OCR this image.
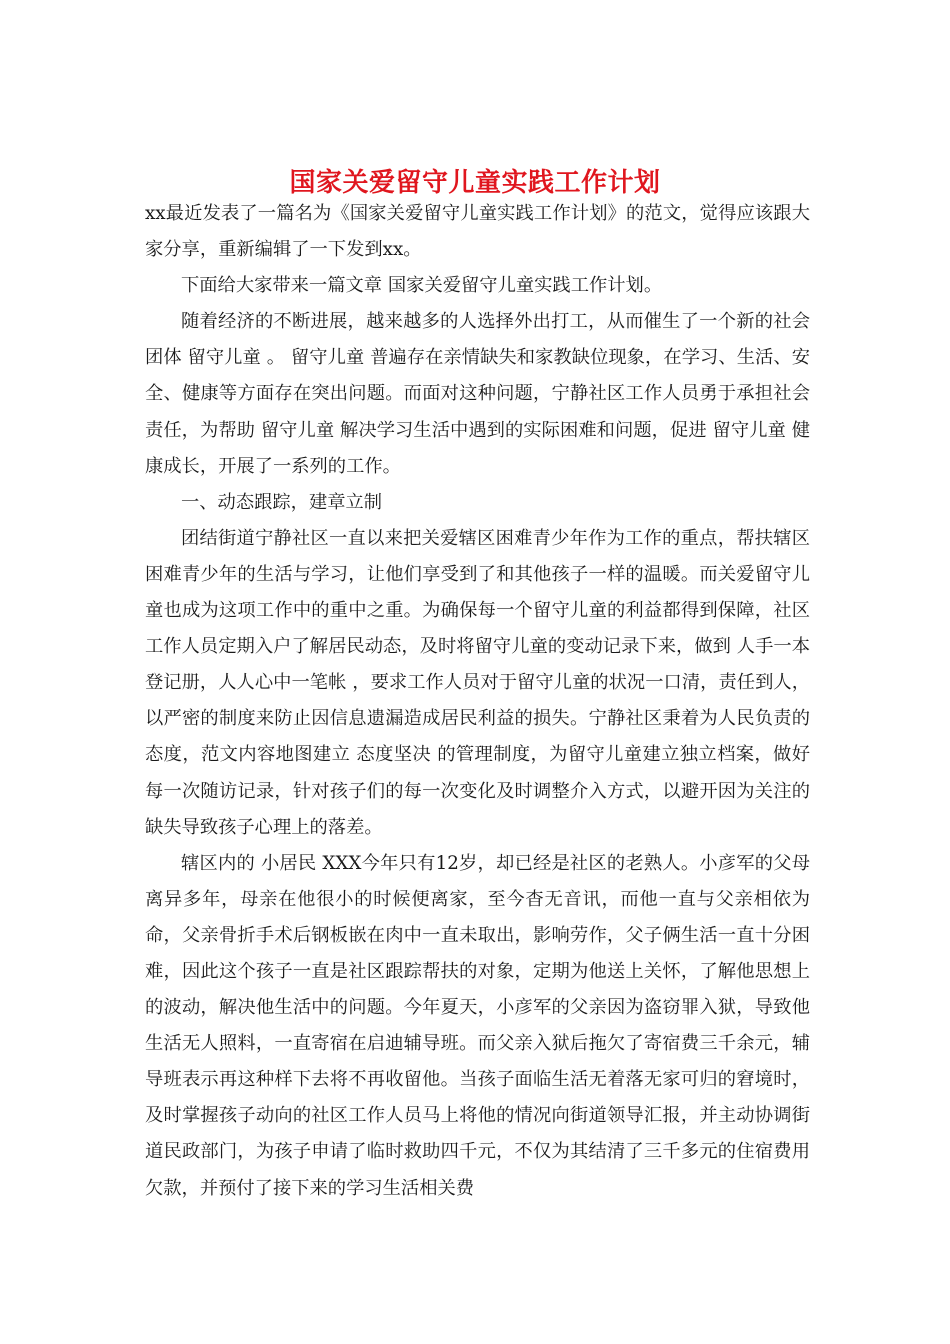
国家关爱留守儿童实践工作计划

xx最近发表了一篇名为《国家关爱留守儿童实践工作计划》的范文，觉得应该跟大家分享，重新编辑了一下发到xx。

下面给大家带来一篇文章 国家关爱留守儿童实践工作计划。

随着经济的不断进展，越来越多的人选择外出打工，从而催生了一个新的社会团体 留守儿童 。 留守儿童 普遍存在亲情缺失和家教缺位现象，在学习、生活、安全、健康等方面存在突出问题。而面对这种问题，宁静社区工作人员勇于承担社会责任，为帮助 留守儿童 解决学习生活中遇到的实际困难和问题，促进 留守儿童 健康成长，开展了一系列的工作。

一、动态跟踪，建章立制

团结街道宁静社区一直以来把关爱辖区困难青少年作为工作的重点，帮扶辖区困难青少年的生活与学习，让他们享受到了和其他孩子一样的温暖。而关爱留守儿童也成为这项工作中的重中之重。为确保每一个留守儿童的利益都得到保障，社区工作人员定期入户了解居民动态，及时将留守儿童的变动记录下来，做到 人手一本登记册，人人心中一笔帐 ，要求工作人员对于留守儿童的状况一口清，责任到人，以严密的制度来防止因信息遗漏造成居民利益的损失。宁静社区秉着为人民负责的态度，范文内容地图建立 态度坚决 的管理制度，为留守儿童建立独立档案，做好每一次随访记录，针对孩子们的每一次变化及时调整介入方式，以避开因为关注的缺失导致孩子心理上的落差。

辖区内的 小居民 XXX今年只有12岁，却已经是社区的老熟人。小彦军的父母离异多年，母亲在他很小的时候便离家，至今杳无音讯，而他一直与父亲相依为命，父亲骨折手术后钢板嵌在肉中一直未取出，影响劳作，父子俩生活一直十分困难，因此这个孩子一直是社区跟踪帮扶的对象，定期为他送上关怀，了解他思想上的波动，解决他生活中的问题。今年夏天，小彦军的父亲因为盗窃罪入狱，导致他生活无人照料，一直寄宿在启迪辅导班。而父亲入狱后拖欠了寄宿费三千余元，辅导班表示再这种样下去将不再收留他。当孩子面临生活无着落无家可归的窘境时，及时掌握孩子动向的社区工作人员马上将他的情况向街道领导汇报，并主动协调街道民政部门，为孩子申请了临时救助四千元，不仅为其结清了三千多元的住宿费用欠款，并预付了接下来的学习生活相关费
